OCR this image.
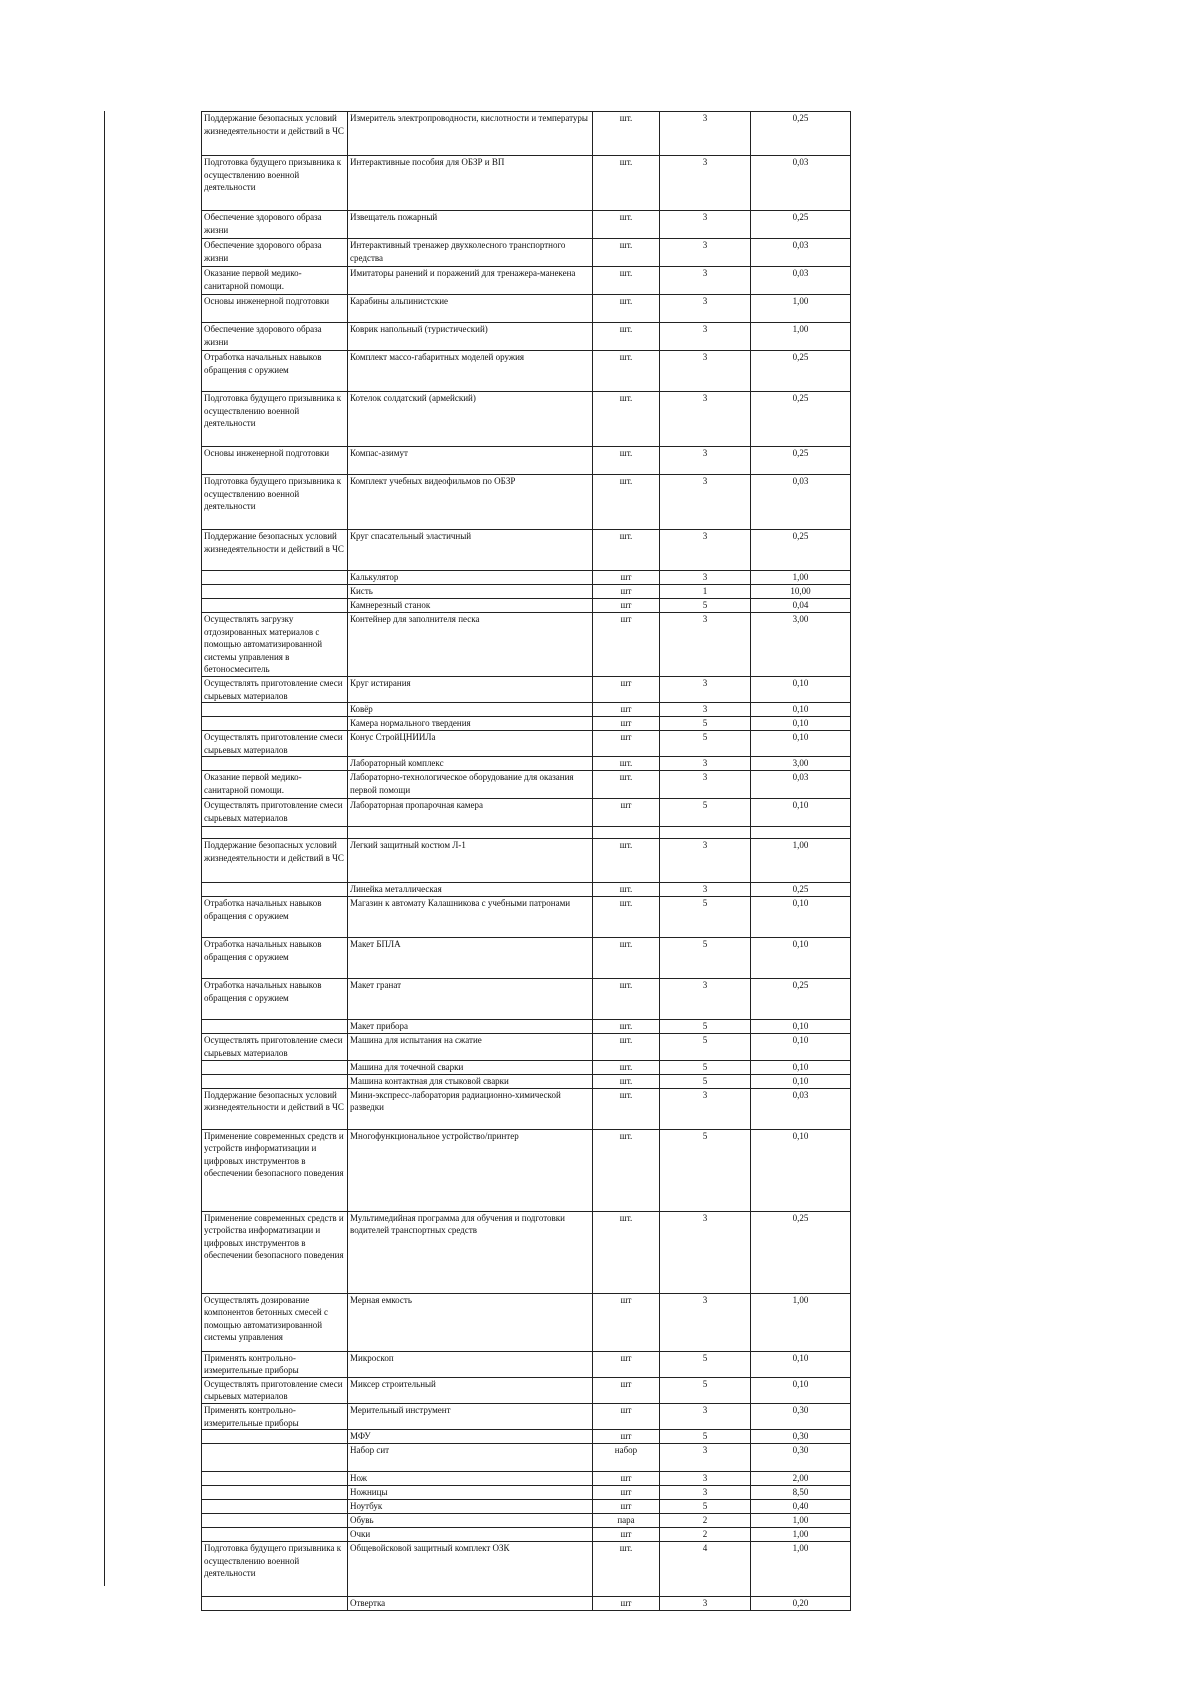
Поддержание безопасных условий жизнедеятельности и действий в ЧС	Измеритель электропроводности, кислотности и температуры	шт.	3	0,25
Подготовка будущего призывника к осуществлению военной деятельности	Интерактивные пособия для ОБЗР и ВП	шт.	3	0,03
Обеспечение здорового образа жизни	Извещатель пожарный	шт.	3	0,25
Обеспечение здорового образа жизни	Интерактивный тренажер двухколесного транспортного средства	шт.	3	0,03
Оказание первой медико-санитарной помощи.	Имитаторы ранений и поражений для тренажера-манекена	шт.	3	0,03
Основы инженерной подготовки	Карабины альпинистские	шт.	3	1,00
Обеспечение здорового образа жизни	Коврик напольный (туристический)	шт.	3	1,00
Отработка начальных навыков обращения с оружием	Комплект массо-габаритных моделей оружия	шт.	3	0,25
Подготовка будущего призывника к осуществлению военной деятельности	Котелок солдатский (армейский)	шт.	3	0,25
Основы инженерной подготовки	Компас-азимут	шт.	3	0,25
Подготовка будущего призывника к осуществлению военной деятельности	Комплект учебных видеофильмов по ОБЗР	шт.	3	0,03
Поддержание безопасных условий жизнедеятельности и действий в ЧС	Круг спасательный эластичный	шт.	3	0,25
	Калькулятор	шт	3	1,00
	Кисть	шт	1	10,00
	Камнерезный станок	шт	5	0,04
Осуществлять загрузку отдозированных материалов с помощью автоматизированной системы управления в бетоносмеситель	Контейнер для заполнителя песка	шт	3	3,00
Осуществлять приготовление смеси сырьевых материалов	Круг истирания	шт	3	0,10
	Ковёр	шт	3	0,10
	Камера нормального твердения	шт	5	0,10
Осуществлять приготовление смеси сырьевых материалов	Конус СтройЦНИИЛа	шт	5	0,10
	Лабораторный комплекс	шт.	3	3,00
Оказание первой медико-санитарной помощи.	Лабораторно-технологическое оборудование для оказания первой помощи	шт.	3	0,03
Осуществлять приготовление смеси сырьевых материалов	Лабораторная пропарочная камера	шт	5	0,10

Поддержание безопасных условий жизнедеятельности и действий в ЧС	Легкий защитный костюм Л-1	шт.	3	1,00
	Линейка металлическая	шт.	3	0,25
Отработка начальных навыков обращения с оружием	Магазин к автомату Калашникова с учебными патронами	шт.	5	0,10
Отработка начальных навыков обращения с оружием	Макет БПЛА	шт.	5	0,10
Отработка начальных навыков обращения с оружием	Макет гранат	шт.	3	0,25
	Макет прибора	шт.	5	0,10
Осуществлять приготовление смеси сырьевых материалов	Машина для испытания на сжатие	шт.	5	0,10
	Машина для точечной сварки	шт.	5	0,10
	Машина контактная для стыковой сварки	шт.	5	0,10
Поддержание безопасных условий жизнедеятельности и действий в ЧС	Мини-экспресс-лаборатория радиационно-химической разведки	шт.	3	0,03
Применение современных средств и устройств информатизации и цифровых инструментов в обеспечении безопасного поведения	Многофункциональное устройство/принтер	шт.	5	0,10
Применение современных средств и устройства информатизации и цифровых инструментов в обеспечении безопасного поведения	Мультимедийная программа для обучения и подготовки водителей транспортных средств	шт.	3	0,25
Осуществлять дозирование компонентов бетонных смесей с помощью автоматизированной системы управления	Мерная емкость	шт	3	1,00
Применять контрольно-измерительные приборы	Микроскоп	шт	5	0,10
Осуществлять приготовление смеси сырьевых материалов	Миксер строительный	шт	5	0,10
Применять контрольно-измерительные приборы	Мерительный инструмент	шт	3	0,30
	МФУ	шт	5	0,30
	Набор сит	набор	3	0,30
	Нож	шт	3	2,00
	Ножницы	шт	3	8,50
	Ноутбук	шт	5	0,40
	Обувь	пара	2	1,00
	Очки	шт	2	1,00
Подготовка будущего призывника к осуществлению военной деятельности	Общевойсковой защитный комплект ОЗК	шт.	4	1,00
	Отвертка	шт	3	0,20
